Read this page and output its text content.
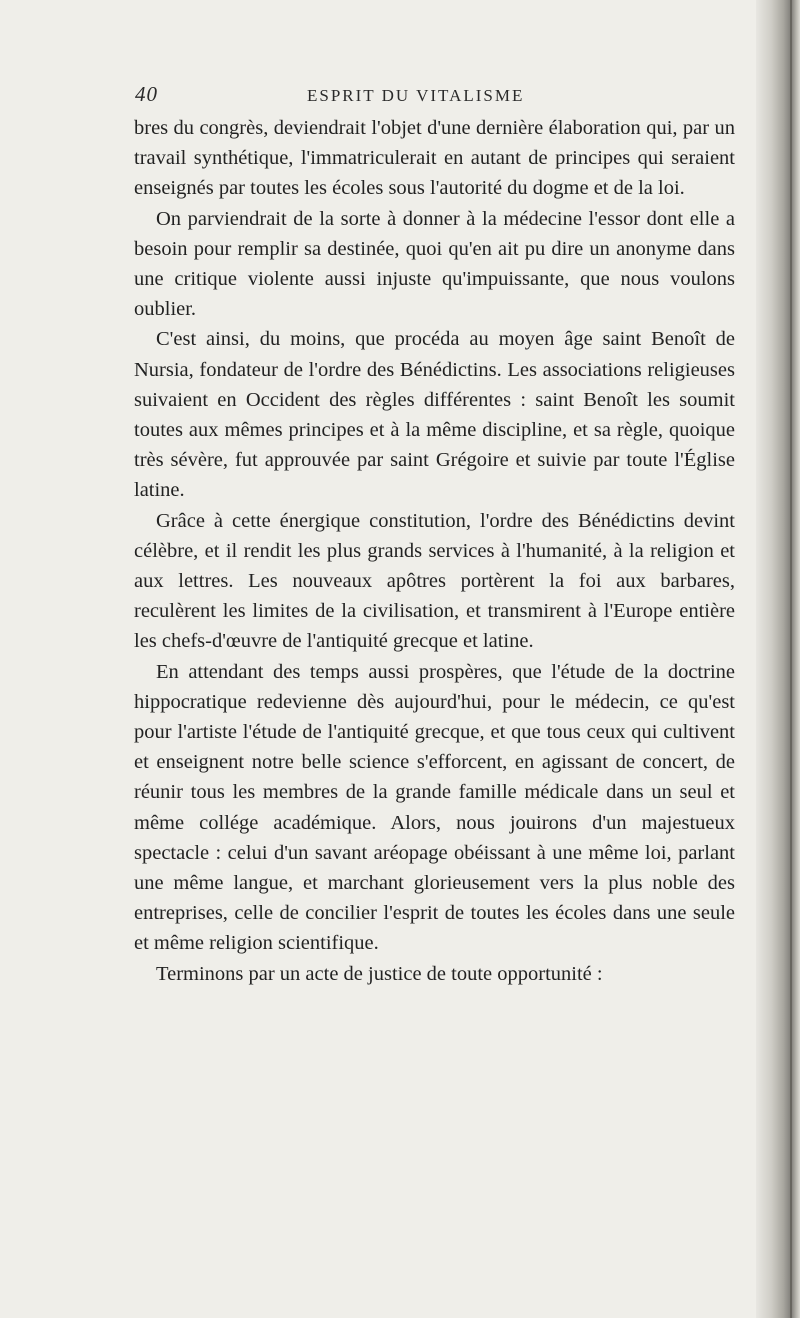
40	ESPRIT DU VITALISME

bres du congrès, deviendrait l'objet d'une dernière élaboration qui, par un travail synthétique, l'immatriculerait en autant de principes qui seraient enseignés par toutes les écoles sous l'autorité du dogme et de la loi.

On parviendrait de la sorte à donner à la médecine l'essor dont elle a besoin pour remplir sa destinée, quoi qu'en ait pu dire un anonyme dans une critique violente aussi injuste qu'impuissante, que nous voulons oublier.

C'est ainsi, du moins, que procéda au moyen âge saint Benoît de Nursia, fondateur de l'ordre des Bénédictins. Les associations religieuses suivaient en Occident des règles différentes : saint Benoît les soumit toutes aux mêmes principes et à la même discipline, et sa règle, quoique très sévère, fut approuvée par saint Grégoire et suivie par toute l'Église latine.

Grâce à cette énergique constitution, l'ordre des Bénédictins devint célèbre, et il rendit les plus grands services à l'humanité, à la religion et aux lettres. Les nouveaux apôtres portèrent la foi aux barbares, reculèrent les limites de la civilisation, et transmirent à l'Europe entière les chefs-d'œuvre de l'antiquité grecque et latine.

En attendant des temps aussi prospères, que l'étude de la doctrine hippocratique redevienne dès aujourd'hui, pour le médecin, ce qu'est pour l'artiste l'étude de l'antiquité grecque, et que tous ceux qui cultivent et enseignent notre belle science s'efforcent, en agissant de concert, de réunir tous les membres de la grande famille médicale dans un seul et même collége académique. Alors, nous jouirons d'un majestueux spectacle : celui d'un savant aréopage obéissant à une même loi, parlant une même langue, et marchant glorieusement vers la plus noble des entreprises, celle de concilier l'esprit de toutes les écoles dans une seule et même religion scientifique.

Terminons par un acte de justice de toute opportunité :
